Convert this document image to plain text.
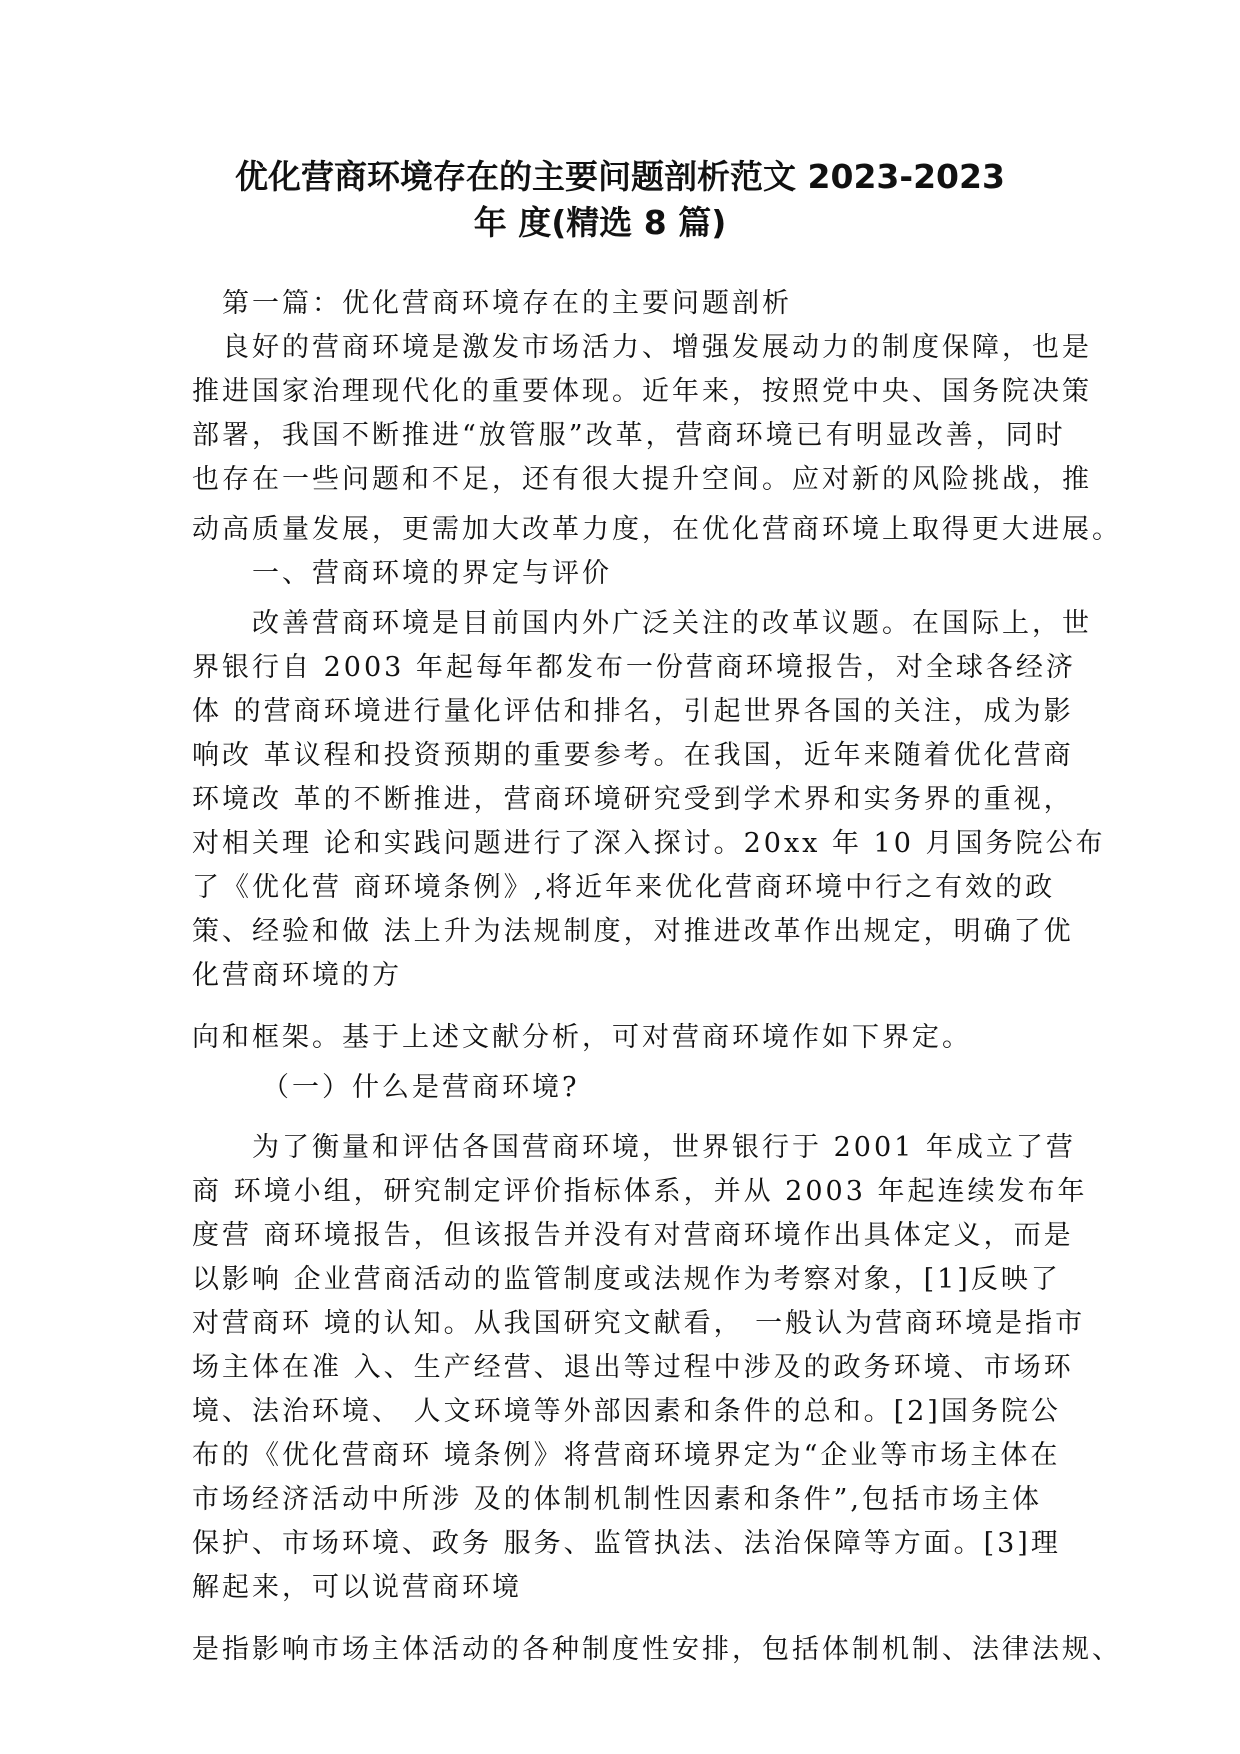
优化营商环境存在的主要问题剖析范文 2023-2023
年 度(精选 8 篇)
第一篇：优化营商环境存在的主要问题剖析
良好的营商环境是激发市场活力、增强发展动力的制度保障，也是
推进国家治理现代化的重要体现。近年来，按照党中央、国务院决策
部署，我国不断推进“放管服”改革，营商环境已有明显改善，同时
也存在一些问题和不足，还有很大提升空间。应对新的风险挑战，推
动高质量发展，更需加大改革力度，在优化营商环境上取得更大进展。
一、营商环境的界定与评价
改善营商环境是目前国内外广泛关注的改革议题。在国际上，世
界银行自 2003 年起每年都发布一份营商环境报告，对全球各经济
体 的营商环境进行量化评估和排名，引起世界各国的关注，成为影
响改 革议程和投资预期的重要参考。在我国，近年来随着优化营商
环境改 革的不断推进，营商环境研究受到学术界和实务界的重视，
对相关理 论和实践问题进行了深入探讨。20xx 年 10 月国务院公布
了《优化营 商环境条例》,将近年来优化营商环境中行之有效的政
策、经验和做 法上升为法规制度，对推进改革作出规定，明确了优
化营商环境的方
向和框架。基于上述文献分析，可对营商环境作如下界定。
（一）什么是营商环境?
为了衡量和评估各国营商环境，世界银行于 2001 年成立了营
商 环境小组，研究制定评价指标体系，并从 2003 年起连续发布年
度营 商环境报告，但该报告并没有对营商环境作出具体定义，而是
以影响 企业营商活动的监管制度或法规作为考察对象，[1]反映了
对营商环 境的认知。从我国研究文献看， 一般认为营商环境是指市
场主体在准 入、生产经营、退出等过程中涉及的政务环境、市场环
境、法治环境、 人文环境等外部因素和条件的总和。[2]国务院公
布的《优化营商环 境条例》将营商环境界定为“企业等市场主体在
市场经济活动中所涉 及的体制机制性因素和条件”,包括市场主体
保护、市场环境、政务 服务、监管执法、法治保障等方面。[3]理
解起来，可以说营商环境
是指影响市场主体活动的各种制度性安排，包括体制机制、法律法规、
